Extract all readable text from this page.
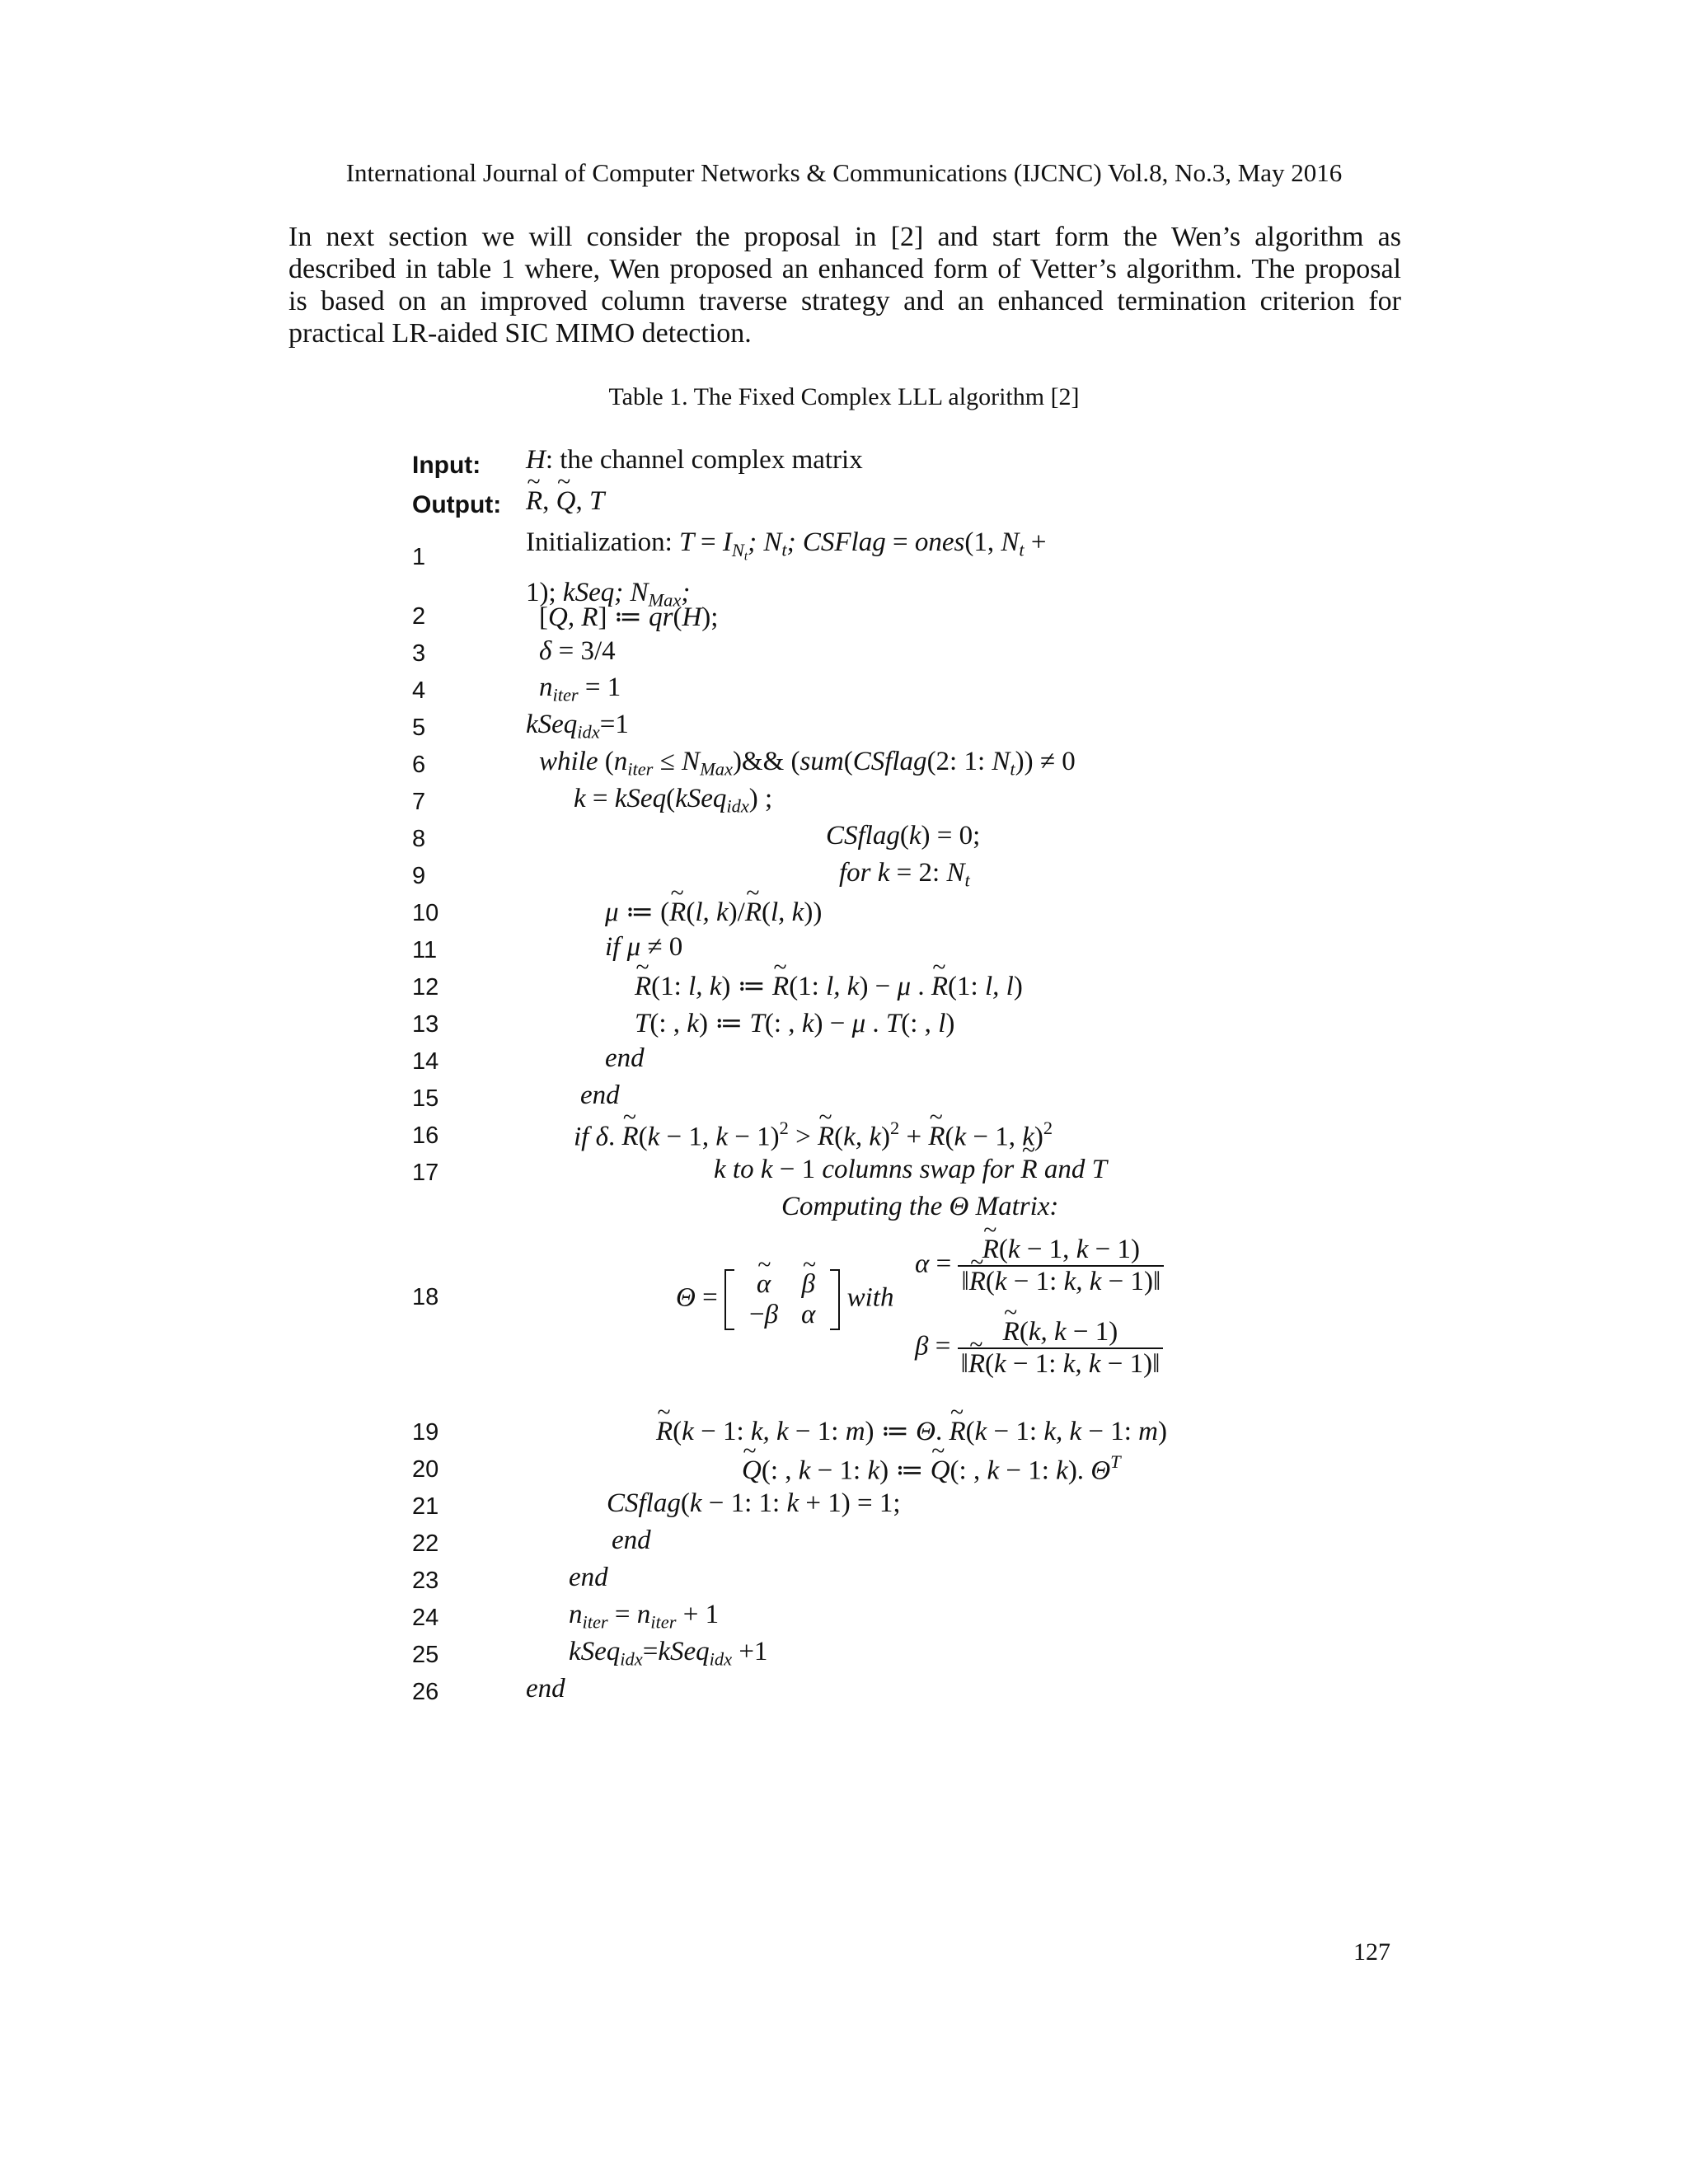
International Journal of Computer Networks & Communications (IJCNC) Vol.8, No.3, May 2016
In next section we will consider the proposal in [2] and start form the Wen’s algorithm as
described in table 1 where, Wen proposed an enhanced form of Vetter’s algorithm. The proposal
is based on an improved column traverse strategy and an enhanced termination criterion for
practical LR-aided SIC MIMO detection.
Table 1. The Fixed Complex LLL algorithm [2]
Input: H: the channel complex matrix
Output: ~ R, ~ Q, T
1	Initialization: $T = I_{N_t}$; $N_t$; CSFlag = ones(1, $N_t$ +
1); kSeq; $N_{Max}$;
2	[Q, R] ≔ qr(H);
3	δ = 3/4
4	$n_{iter} = 1$
5	kSeq$_{idx}$=1
6	while ($n_{iter}$ ≤ $N_{Max})\&\&$ (sum(CSflag(2: 1: $N_t)) \ne 0$
7	k = kSeq(kSeq$_{idx}$) ;
8	CSflag(k) = 0;
9	for k = 2: $N_t$
10	μ ≔ (~ R(l, k)/~ R(l, k))
11	if μ ≠ 0
12	~ R(1: l, k) ≔ ~ R(1: l, k) − μ . ~ R(1: l, l)
13	T(: , k) ≔ T(: , k) − μ . T(: , l)
14	end
15	end
16	if δ. ~ R(k − 1, k − 1)$^2$ > ~ R(k, k)$^2$ + ~ R(k − 1, k)$^2$
17	k to k − 1 columns swap for ~ R and T
Computing the Θ Matrix:
18	Θ = ~ α	~ β
−β	α
with
α = ~ $\frac{R(k - 1, k - 1)}{‖\sim R(k - 1: k, k - 1)‖}$
β = ~ $\frac{R(k, k - 1)}{‖\sim R(k - 1: k, k - 1)‖}$
19	~ R(k − 1: k, k − 1: m) ≔ Θ. ~ R(k − 1: k, k − 1: m)
20	~ Q(: , k − 1: k) ≔ ~ Q(: , k − 1: k). $\Theta^T$
21	CSflag(k − 1: 1: k + 1) = 1;
22	end
23	end
24	$n_{iter} = n_{iter} + 1$
25	kSeq$_{idx}$=kSeq$_{idx}$ +1
26	end
127
